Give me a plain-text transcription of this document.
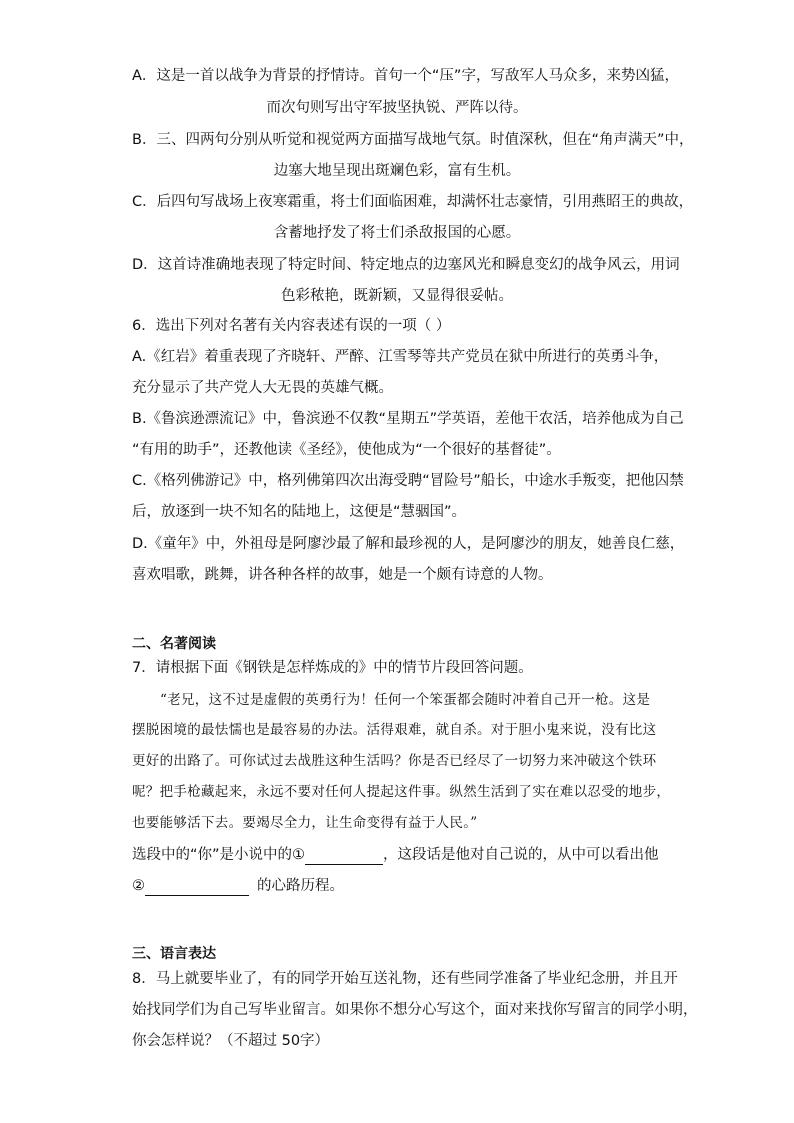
A．这是一首以战争为背景的抒情诗。首句一个“压”字，写敌军人马众多，来势凶猛，
而次句则写出守军披坚执锐、严阵以待。
B．三、四两句分别从听觉和视觉两方面描写战地气氛。时值深秋，但在“角声满天”中，
边塞大地呈现出斑斓色彩，富有生机。
C．后四句写战场上夜寒霜重，将士们面临困难，却满怀壮志豪情，引用燕昭王的典故，
含蓄地抒发了将士们杀敌报国的心愿。
D．这首诗准确地表现了特定时间、特定地点的边塞风光和瞬息变幻的战争风云，用词
色彩秾艳，既新颖，又显得很妥帖。
6．选出下列对名著有关内容表述有误的一项（ ）
A.《红岩》着重表现了齐晓轩、严醉、江雪琴等共产党员在狱中所进行的英勇斗争，
充分显示了共产党人大无畏的英雄气概。
B.《鲁滨逊漂流记》中，鲁滨逊不仅教“星期五”学英语，差他干农活，培养他成为自己
“有用的助手”，还教他读《圣经》，使他成为“一个很好的基督徒”。
C.《格列佛游记》中，格列佛第四次出海受聘“冒险号”船长，中途水手叛变，把他囚禁
后，放逐到一块不知名的陆地上，这便是“慧骃国”。
D.《童年》中，外祖母是阿廖沙最了解和最珍视的人，是阿廖沙的朋友，她善良仁慈，
喜欢唱歌，跳舞，讲各种各样的故事，她是一个颇有诗意的人物。
二、名著阅读
7．请根据下面《钢铁是怎样炼成的》中的情节片段回答问题。
“老兄，这不过是虚假的英勇行为！任何一个笨蛋都会随时冲着自己开一枪。这是
摆脱困境的最怯懦也是最容易的办法。活得艰难，就自杀。对于胆小鬼来说，没有比这
更好的出路了。可你试过去战胜这种生活吗？你是否已经尽了一切努力来冲破这个铁环
呢？把手枪藏起来，永远不要对任何人提起这件事。纵然生活到了实在难以忍受的地步，
也要能够活下去。要竭尽全力，让生命变得有益于人民。”
选段中的“你”是小说中的①	，这段话是他对自己说的，从中可以看出他
②	的心路历程。
三、语言表达
8．马上就要毕业了，有的同学开始互送礼物，还有些同学准备了毕业纪念册，并且开
始找同学们为自己写毕业留言。如果你不想分心写这个，面对来找你写留言的同学小明，
你会怎样说？（不超过 50字）
